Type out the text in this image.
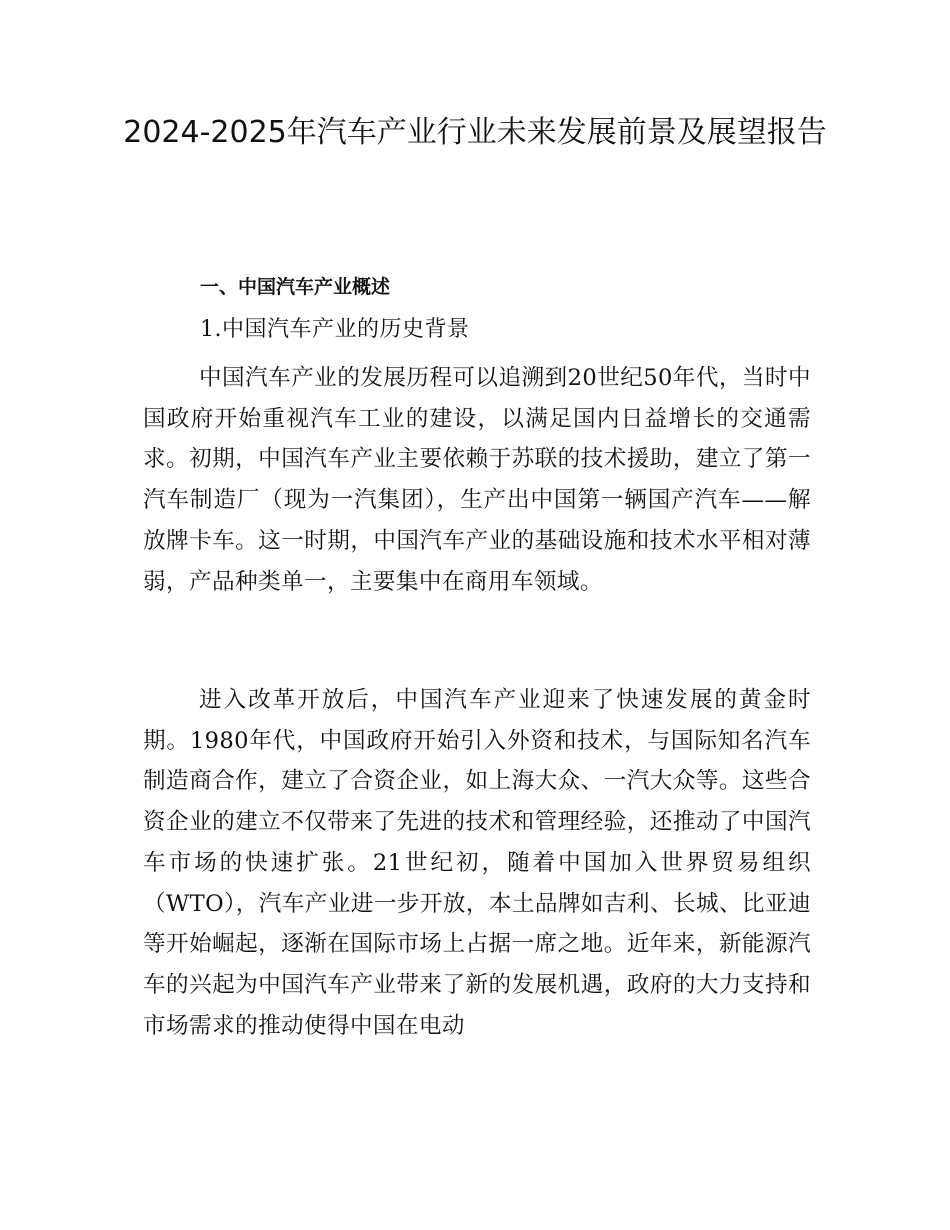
2024-2025年汽车产业行业未来发展前景及展望报告
一、中国汽车产业概述
1.中国汽车产业的历史背景

中国汽车产业的发展历程可以追溯到20世纪50年代，当时中国政府开始重视汽车工业的建设，以满足国内日益增长的交通需求。初期，中国汽车产业主要依赖于苏联的技术援助，建立了第一汽车制造厂（现为一汽集团），生产出中国第一辆国产汽车——解放牌卡车。这一时期，中国汽车产业的基础设施和技术水平相对薄弱，产品种类单一，主要集中在商用车领域。

进入改革开放后，中国汽车产业迎来了快速发展的黄金时期。1980年代，中国政府开始引入外资和技术，与国际知名汽车制造商合作，建立了合资企业，如上海大众、一汽大众等。这些合资企业的建立不仅带来了先进的技术和管理经验，还推动了中国汽车市场的快速扩张。21世纪初，随着中国加入世界贸易组织（WTO），汽车产业进一步开放，本土品牌如吉利、长城、比亚迪等开始崛起，逐渐在国际市场上占据一席之地。近年来，新能源汽车的兴起为中国汽车产业带来了新的发展机遇，政府的大力支持和市场需求的推动使得中国在电动
